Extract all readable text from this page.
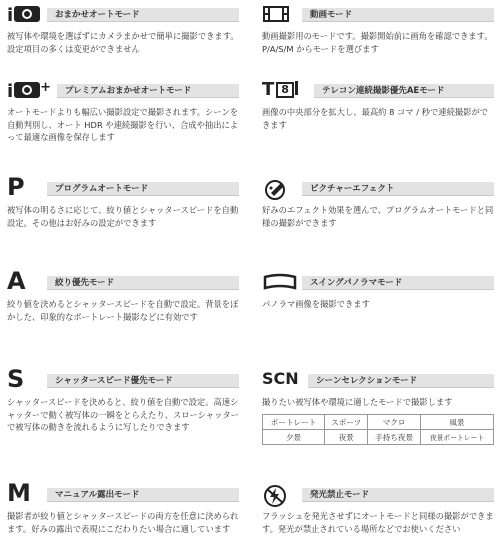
i	おまかせオートモード
被写体や環境を選ばずにカメラまかせで簡単に撮影できます。設定項目の多くは変更ができません
i +	プレミアムおまかせオートモード
オートモードよりも幅広い撮影設定で撮影されます。シーンを自動判別し、オート HDR や連続撮影を行い、合成や抽出によって最適な画像を保存します
P	プログラムオートモード
被写体の明るさに応じて、絞り値とシャッタースピードを自動設定。その他はお好みの設定ができます
A	絞り優先モード
絞り値を決めるとシャッタースピードを自動で設定。背景をぼかした、印象的なポートレート撮影などに有効です
S	シャッタースピード優先モード
シャッタースピードを決めると、絞り値を自動で設定。高速シャッターで動く被写体の一瞬をとらえたり、スローシャッターで被写体の動きを流れるように写したりできます
M	マニュアル露出モード
撮影者が絞り値とシャッタースピードの両方を任意に決められます。好みの露出で表現にこだわりたい場合に適しています
動画モード
動画撮影用のモードです。撮影開始前に画角を確認できます。P/A/S/M からモードを選びます
T 8	テレコン連続撮影優先AEモード
画像の中央部分を拡大し、最高約 8 コマ / 秒で連続撮影ができます
ピクチャーエフェクト
好みのエフェクト効果を選んで、プログラムオートモードと同様の撮影ができます
スイングパノラマモード
パノラマ画像を撮影できます
SCN	シーンセレクションモード
撮りたい被写体や環境に適したモードで撮影します
ポートレート	スポーツ	マクロ	風景
夕景	夜景	手持ち夜景	夜景ポートレート
発光禁止モード
フラッシュを発光させずにオートモードと同様の撮影ができます。発光が禁止されている場所などでお使いください
